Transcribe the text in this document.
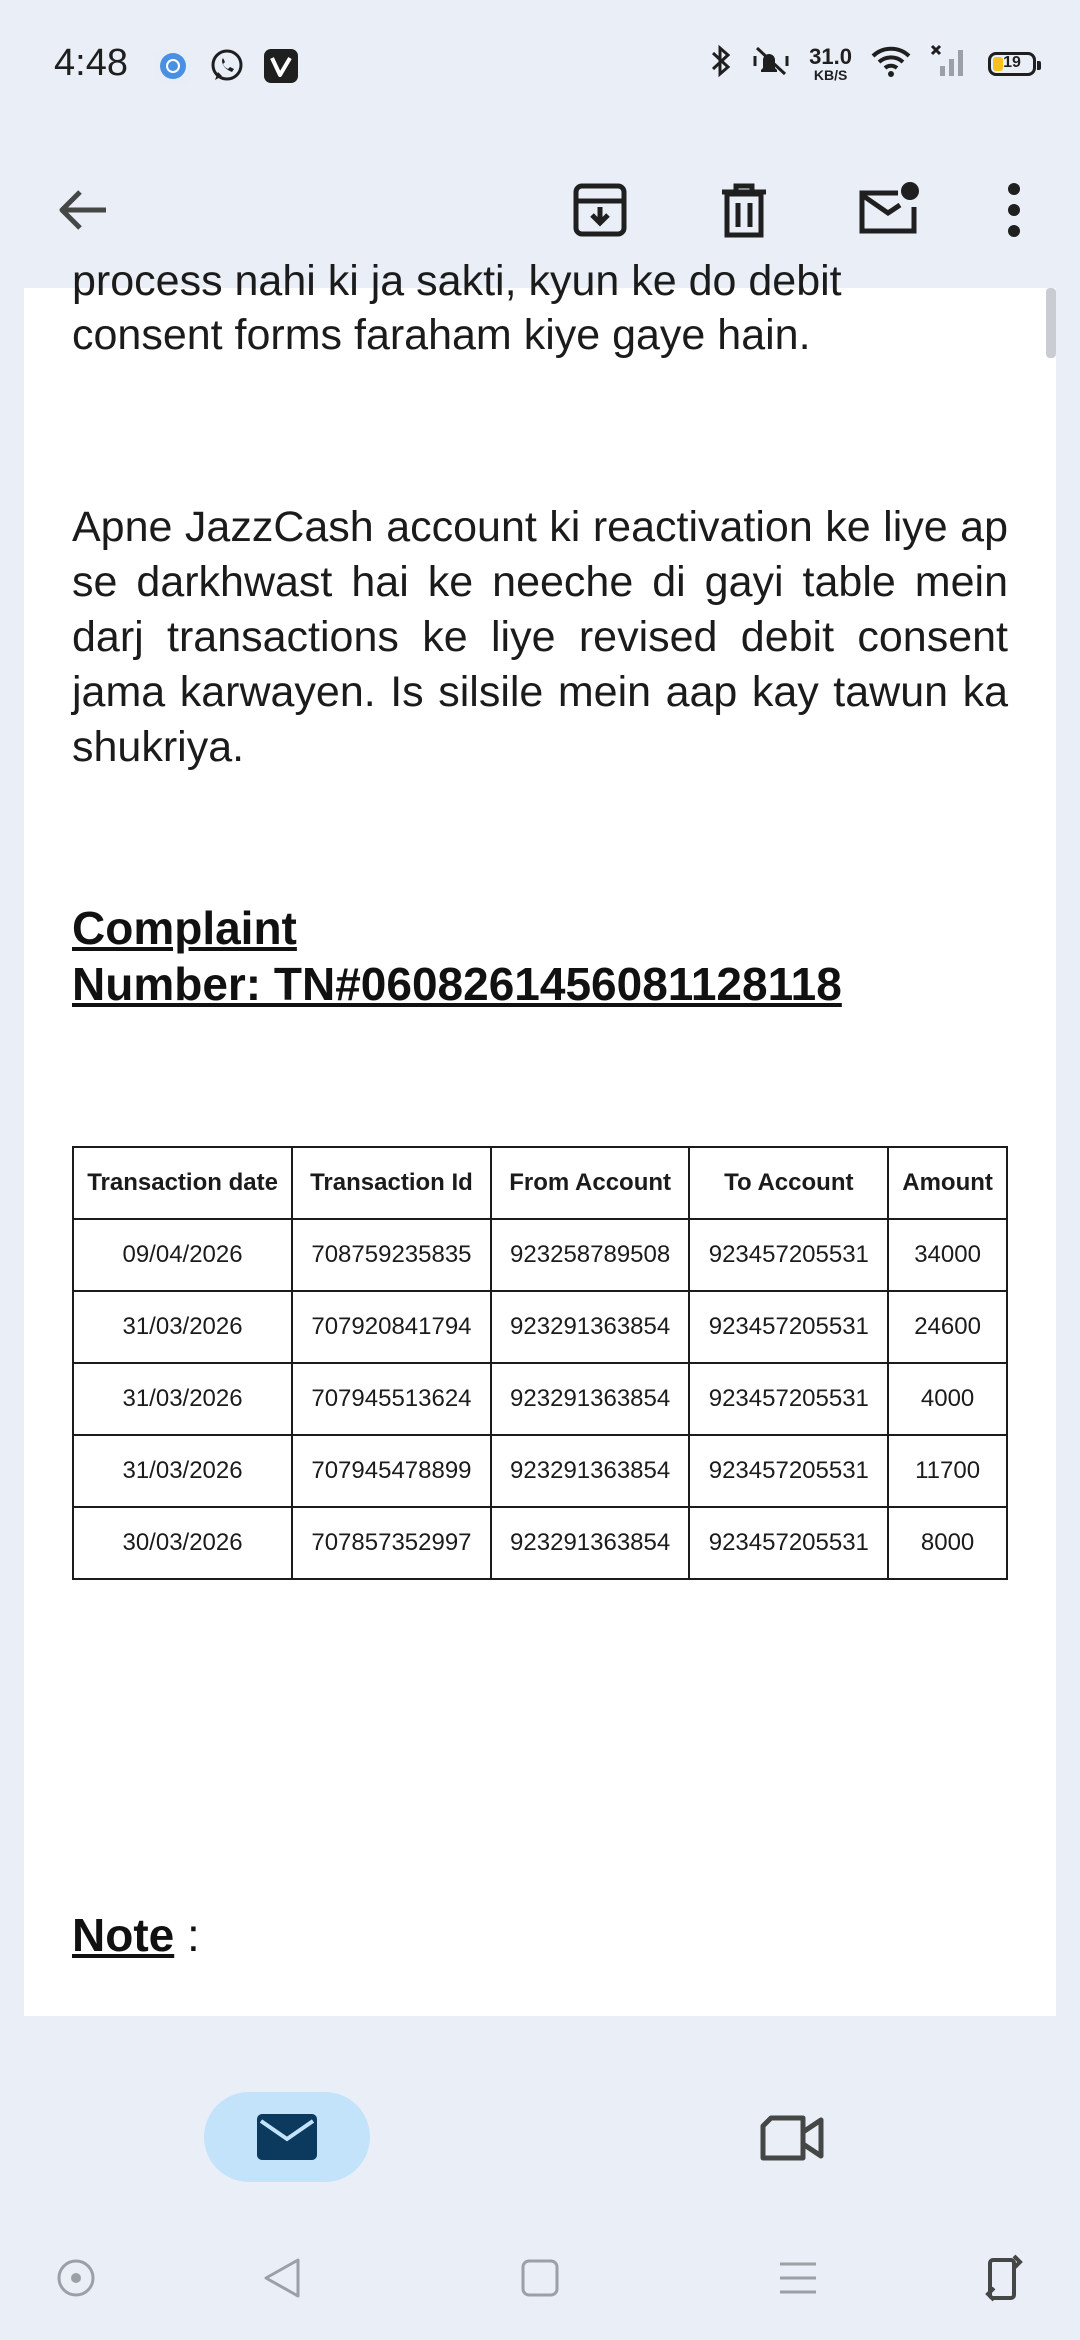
4:48	31.0
KB/S
19
process nahi ki ja sakti, kyun ke do debit
consent forms faraham kiye gaye hain.
Apne JazzCash account ki reactivation ke liye ap se darkhwast hai ke neeche di gayi table mein darj transactions ke liye revised debit consent jama karwayen. Is silsile mein aap kay tawun ka shukriya.
Complaint
Number: TN#0608261456081128118
Transaction date	Transaction Id	From Account	To Account	Amount
09/04/2026	708759235835	923258789508	923457205531	34000
31/03/2026	707920841794	923291363854	923457205531	24600
31/03/2026	707945513624	923291363854	923457205531	4000
31/03/2026	707945478899	923291363854	923457205531	11700
30/03/2026	707857352997	923291363854	923457205531	8000
Note :
